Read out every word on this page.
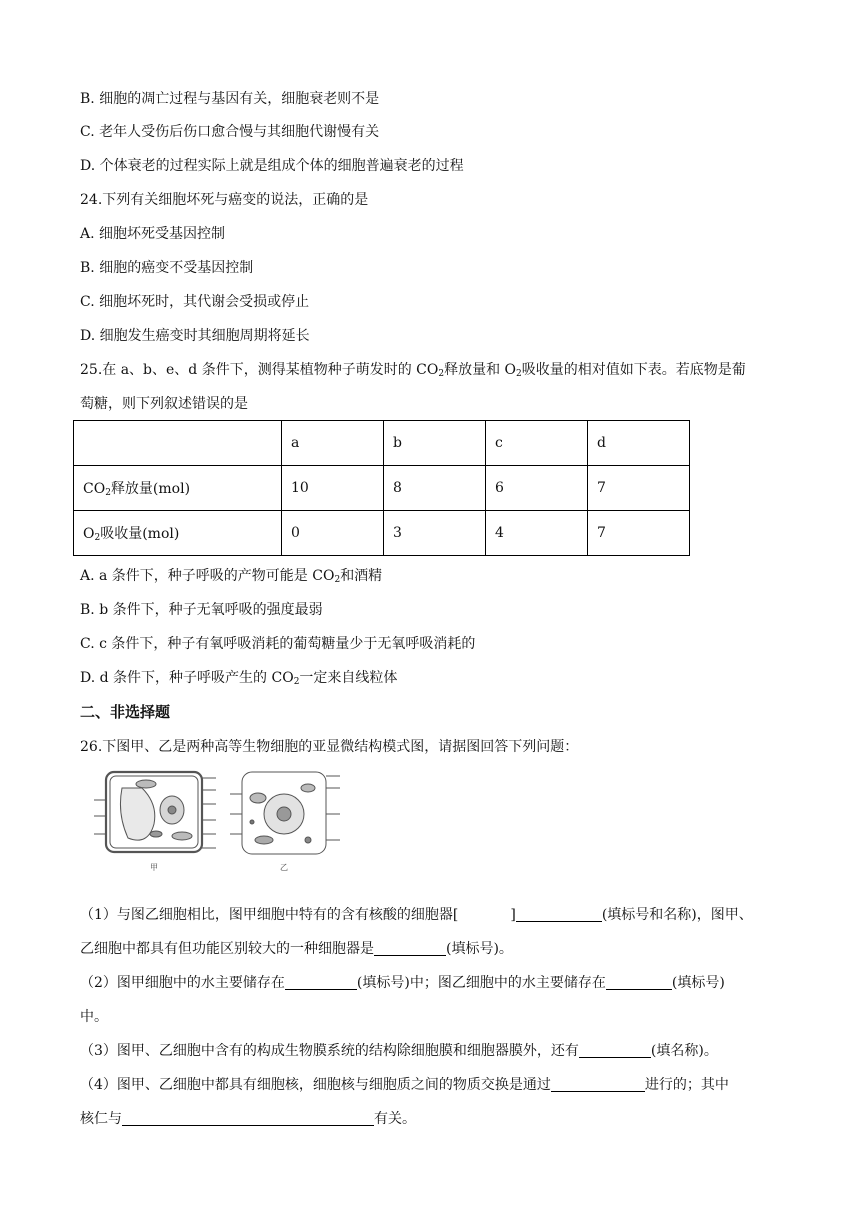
B. 细胞的凋亡过程与基因有关，细胞衰老则不是
C. 老年人受伤后伤口愈合慢与其细胞代谢慢有关
D. 个体衰老的过程实际上就是组成个体的细胞普遍衰老的过程
24.下列有关细胞坏死与癌变的说法，正确的是
A. 细胞坏死受基因控制
B. 细胞的癌变不受基因控制
C. 细胞坏死时，其代谢会受损或停止
D. 细胞发生癌变时其细胞周期将延长
25.在 a、b、e、d 条件下，测得某植物种子萌发时的 $CO_2$释放量和 $O_2$吸收量的相对值如下表。若底物是葡
萄糖，则下列叙述错误的是
	a	b	c	d
$CO_2$释放量(mol)	10	8	6	7
$O_2$吸收量(mol)	0	3	4	7
A. a 条件下，种子呼吸的产物可能是 $CO_2$和酒精
B. b 条件下，种子无氧呼吸的强度最弱
C. c 条件下，种子有氧呼吸消耗的葡萄糖量少于无氧呼吸消耗的
D. d 条件下，种子呼吸产生的 $CO_2$一定来自线粒体
二、非选择题
26.下图甲、乙是两种高等生物细胞的亚显微结构模式图，请据图回答下列问题：
甲	乙
（1）与图乙细胞相比，图甲细胞中特有的含有核酸的细胞器[	]	(填标号和名称)，图甲、
乙细胞中都具有但功能区别较大的一种细胞器是	(填标号)。
（2）图甲细胞中的水主要储存在	(填标号)中；图乙细胞中的水主要储存在	(填标号)
中。
（3）图甲、乙细胞中含有的构成生物膜系统的结构除细胞膜和细胞器膜外，还有	(填名称)。
（4）图甲、乙细胞中都具有细胞核，细胞核与细胞质之间的物质交换是通过	进行的；其中
核仁与	有关。
